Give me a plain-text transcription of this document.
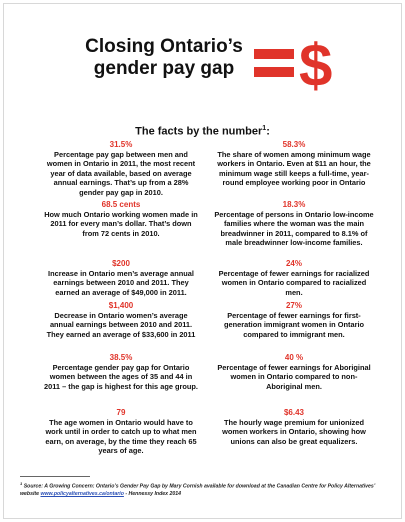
Closing Ontario’s
gender pay gap	$
The facts by the number$^1$:
31.5%
Percentage pay gap between men and women in Ontario in 2011, the most recent year of data available, based on average annual earnings. That’s up from a 28% gender pay gap in 2010.
58.3%
The share of women among minimum wage workers in Ontario. Even at $11 an hour, the minimum wage still keeps a full-time, year-round employee working poor in Ontario
68.5 cents
How much Ontario working women made in 2011 for every man’s dollar. That’s down from 72 cents in 2010.
18.3%
Percentage of persons in Ontario low-income families where the woman was the main breadwinner in 2011, compared to 8.1% of male breadwinner low-income families.
$200
Increase in Ontario men’s average annual earnings between 2010 and 2011. They earned an average of $49,000 in 2011.
24%
Percentage of fewer earnings for racialized women in Ontario compared to racialized men.
$1,400
Decrease in Ontario women’s average annual earnings between 2010 and 2011. They earned an average of $33,600 in 2011
27%
Percentage of fewer earnings for first-generation immigrant women in Ontario compared to immigrant men.
38.5%
Percentage gender pay gap for Ontario women between the ages of 35 and 44 in 2011 – the gap is highest for this age group.
40 %
Percentage of fewer earnings for Aboriginal women in Ontario compared to non-Aboriginal men.
79
The age women in Ontario would have to work until in order to catch up to what men earn, on average, by the time they reach 65 years of age.
$6.43
The hourly wage premium for unionized women workers in Ontario, showing how unions can also be great equalizers.
$^1$ Source: A Growing Concern: Ontario’s Gender Pay Gap by Mary Cornish available for download at the Canadian Centre for Policy Alternatives’ website www.policyalternatives.ca/ontario - Hennessy Index 2014
